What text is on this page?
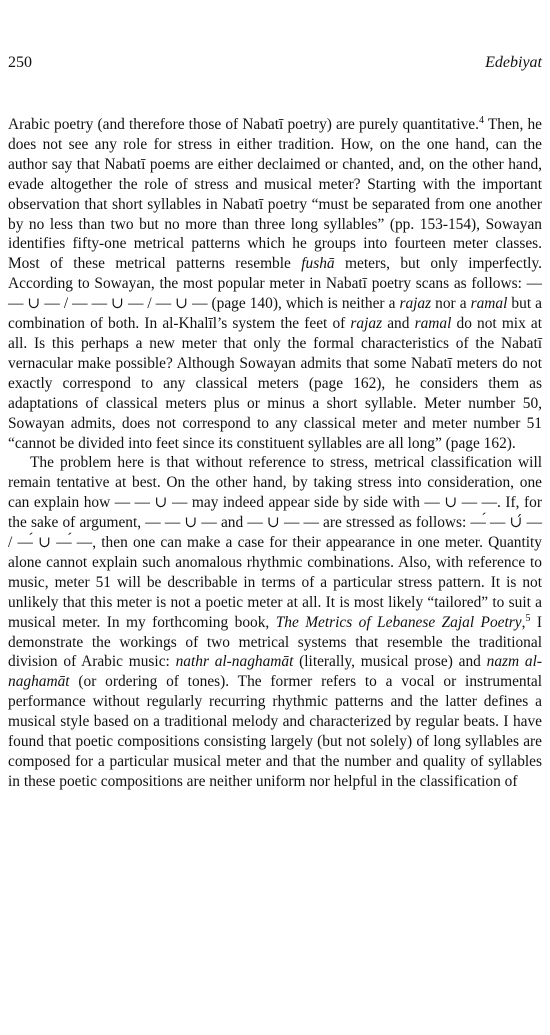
250	Edebiyat

Arabic poetry (and therefore those of Nabatī poetry) are purely quantitative.$^4$ Then, he does not see any role for stress in either tradition. How, on the one hand, can the author say that Nabatī poems are either declaimed or chanted, and, on the other hand, evade altogether the role of stress and musical meter? Starting with the important observation that short syllables in Nabatī poetry “must be separated from one another by no less than two but no more than three long syllables” (pp. 153-154), Sowayan identifies fifty-one metrical patterns which he groups into fourteen meter classes. Most of these metrical patterns resemble fushā meters, but only imperfectly. According to Sowayan, the most popular meter in Nabatī poetry scans as follows: — — ∪ — / — — ∪ — / — ∪ — (page 140), which is neither a rajaz nor a ramal but a combination of both. In al-Khalīl’s system the feet of rajaz and ramal do not mix at all. Is this perhaps a new meter that only the formal characteristics of the Nabatī vernacular make possible? Although Sowayan admits that some Nabatī meters do not exactly correspond to any classical meters (page 162), he considers them as adaptations of classical meters plus or minus a short syllable. Meter number 50, Sowayan admits, does not correspond to any classical meter and meter number 51 “cannot be divided into feet since its constituent syllables are all long” (page 162).

The problem here is that without reference to stress, metrical classification will remain tentative at best. On the other hand, by taking stress into consideration, one can explain how — — ∪ — may indeed appear side by side with — ∪ — —. If, for the sake of argument, — — ∪ — and — ∪ — — are stressed as follows: —́ — ∪́ — / —́ ∪ —́ —, then one can make a case for their appearance in one meter. Quantity alone cannot explain such anomalous rhythmic combinations. Also, with reference to music, meter 51 will be describable in terms of a particular stress pattern. It is not unlikely that this meter is not a poetic meter at all. It is most likely “tailored” to suit a musical meter. In my forthcoming book, The Metrics of Lebanese Zajal Poetry,$^5$ I demonstrate the workings of two metrical systems that resemble the traditional division of Arabic music: nathr al-naghamāt (literally, musical prose) and nazm al-naghamāt (or ordering of tones). The former refers to a vocal or instrumental performance without regularly recurring rhythmic patterns and the latter defines a musical style based on a traditional melody and characterized by regular beats. I have found that poetic compositions consisting largely (but not solely) of long syllables are composed for a particular musical meter and that the number and quality of syllables in these poetic compositions are neither uniform nor helpful in the classification of
